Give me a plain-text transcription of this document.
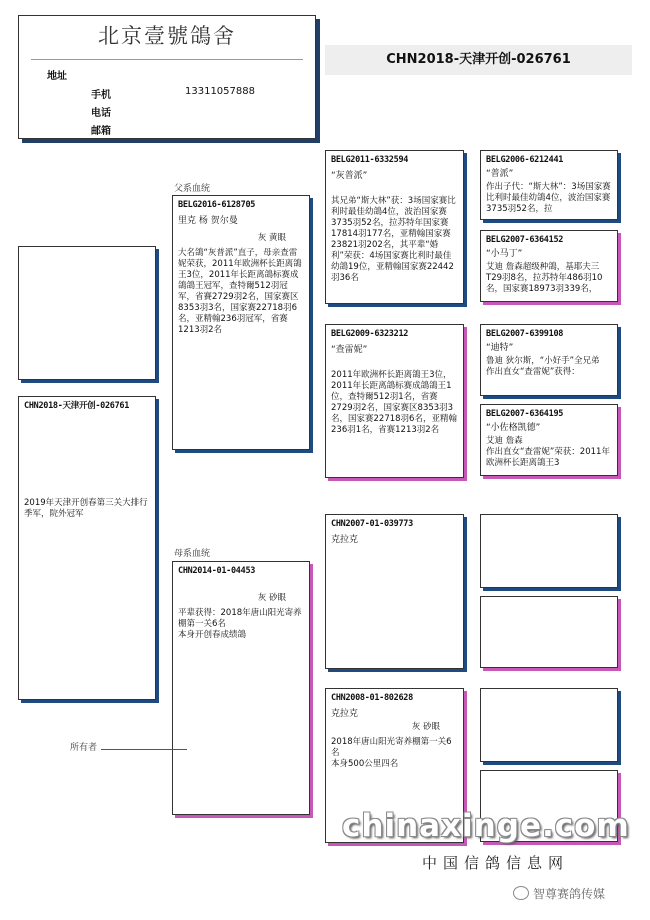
北京壹號鴿舍
地址
手机	13311057888
电话
邮箱
CHN2018-天津开创-026761
父系血统
母系血统
CHN2018-天津开创-026761
2019年天津开创春第三关大排行季军，院外冠军
BELG2016-6128705
里克 杨 贺尔曼
灰 黄眼
大名鴿“灰普派”直子，母亲查雷妮荣获，2011年欧洲杯长距离鴿王3位，2011年长距离鴿标赛成鴿鴿王冠军，查特爾512羽冠军，省賽2729羽2名，国家赛区8353羽3名，国家赛22718羽6名，亚精翰236羽冠军，省赛1213羽2名
CHN2014-01-04453
灰 砂眼
平辈获得：2018年唐山阳光寄养棚第一关6名
本身开创春成绩鴿
BELG2011-6332594
“灰普派”
其兄弟“斯大林”获：3场国家赛比利时最佳幼鴿4位，波治国家赛3735羽52名，拉苏特年国家赛17814羽177名，亚精翰国家赛23821羽202名，其平辈“婚利”荣获：4场国家赛比利时最佳幼鴿19位，亚精翰国家赛22442羽36名
BELG2009-6323212
“查雷妮”
2011年欧洲杯长距离鴿王3位，2011年长距离鴿标赛成鴿鴿王1位，查特爾512羽1名，省赛2729羽2名，国家赛区8353羽3名，国家赛22718羽6名，亚精翰236羽1名，省赛1213羽2名
CHN2007-01-039773
克拉克
CHN2008-01-802628
克拉克
灰 砂眼
2018年唐山阳光寄养棚第一关6名
本身500公里四名
BELG2006-6212441
“普派”
作出子代：“斯大林”：3场国家赛比利时最佳幼鴿4位，波治国家赛3735羽52名，拉
BELG2007-6364152
“小马丁”
艾迪 詹森超级种鴿，基耶夫三T29羽8名，拉苏特年486羽10名，国家赛18973羽339名，
BELG2007-6399108
“迪特”
鲁迪 狄尔斯，“小好手”全兄弟
作出直女“查雷妮”获得：
BELG2007-6364195
“小佐格凯德”
艾迪 詹森
作出直女“查雷妮”荣获：2011年欧洲杯长距离鴿王3
所有者
chinaxinge.com
中国信鸽信息网
智尊赛鸽传媒
